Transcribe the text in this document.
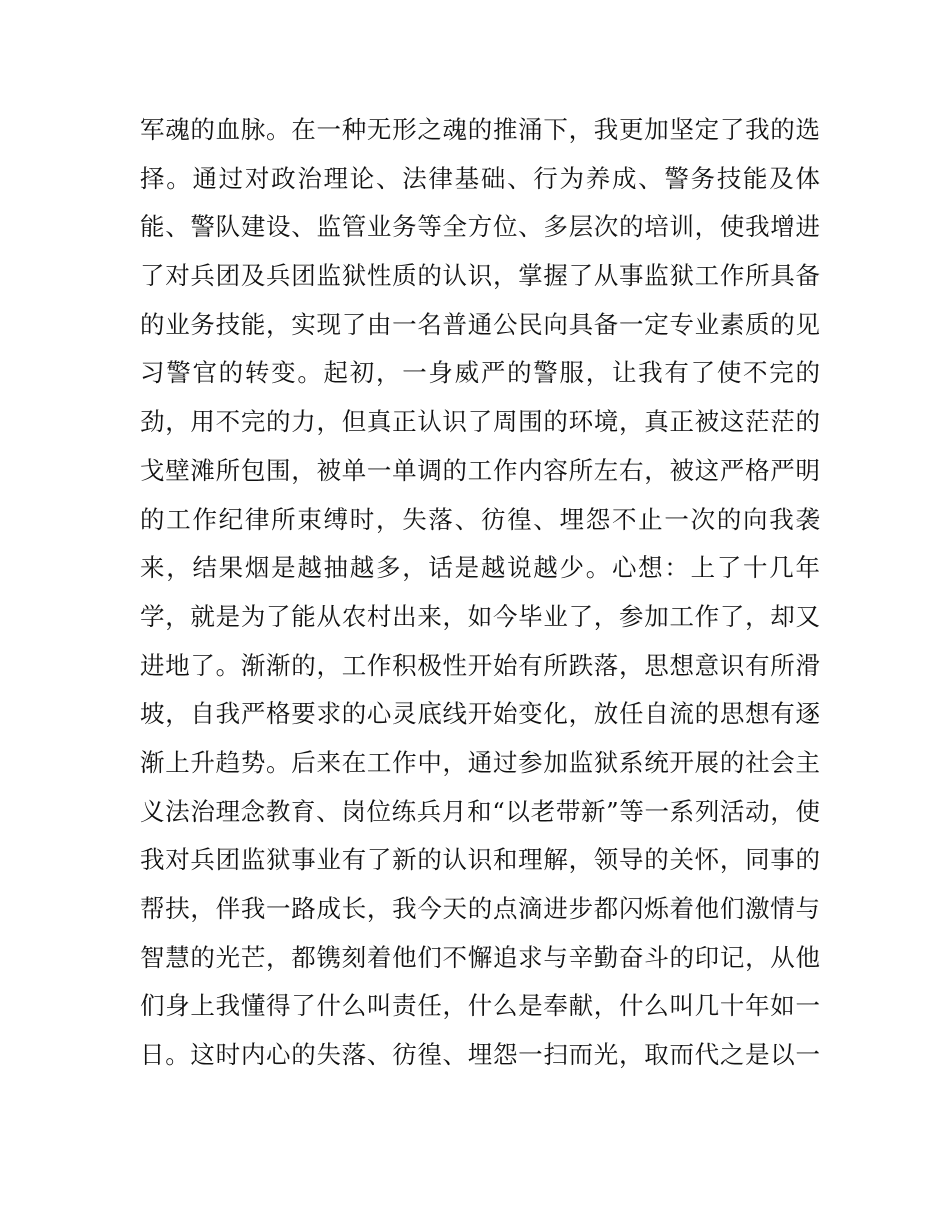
军魂的血脉。在一种无形之魂的推涌下，我更加坚定了我的选
择。通过对政治理论、法律基础、行为养成、警务技能及体
能、警队建设、监管业务等全方位、多层次的培训，使我增进
了对兵团及兵团监狱性质的认识，掌握了从事监狱工作所具备
的业务技能，实现了由一名普通公民向具备一定专业素质的见
习警官的转变。起初，一身威严的警服，让我有了使不完的
劲，用不完的力，但真正认识了周围的环境，真正被这茫茫的
戈壁滩所包围，被单一单调的工作内容所左右，被这严格严明
的工作纪律所束缚时，失落、彷徨、埋怨不止一次的向我袭
来，结果烟是越抽越多，话是越说越少。心想：上了十几年
学，就是为了能从农村出来，如今毕业了，参加工作了，却又
进地了。渐渐的，工作积极性开始有所跌落，思想意识有所滑
坡，自我严格要求的心灵底线开始变化，放任自流的思想有逐
渐上升趋势。后来在工作中，通过参加监狱系统开展的社会主
义法治理念教育、岗位练兵月和“以老带新”等一系列活动，使
我对兵团监狱事业有了新的认识和理解，领导的关怀，同事的
帮扶，伴我一路成长，我今天的点滴进步都闪烁着他们激情与
智慧的光芒，都镌刻着他们不懈追求与辛勤奋斗的印记，从他
们身上我懂得了什么叫责任，什么是奉献，什么叫几十年如一
日。这时内心的失落、彷徨、埋怨一扫而光，取而代之是以一
